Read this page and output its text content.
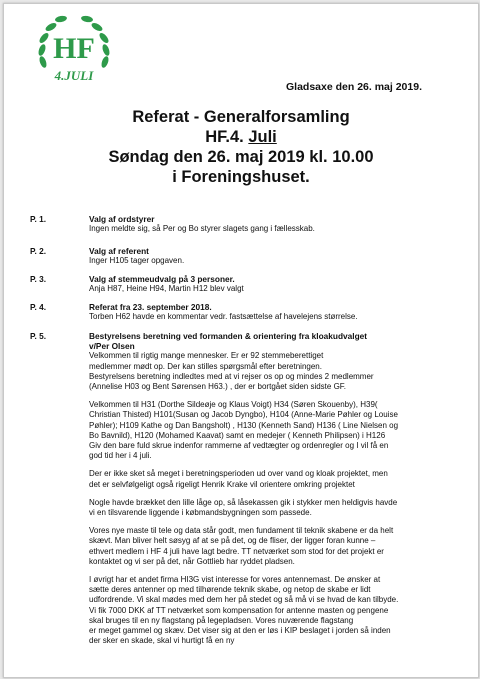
HF
4.JULI
Gladsaxe den 26. maj 2019.
Referat - Generalforsamling
HF.4. Juli
Søndag den 26. maj 2019 kl. 10.00
i Foreningshuset.
P. 1.	Valg af ordstyrer
Ingen meldte sig, så Per og Bo styrer slagets gang i fællesskab.
P. 2.	Valg af referent
Inger H105 tager opgaven.
P. 3.	Valg af stemmeudvalg på 3 personer.
Anja H87, Heine H94, Martin H12 blev valgt
P. 4.	Referat fra 23. september 2018.
Torben H62 havde en kommentar vedr. fastsættelse af havelejens størrelse.
P. 5.	Bestyrelsens beretning ved formanden & orientering fra kloakudvalget
v/Per Olsen
Velkommen til rigtig mange mennesker. Er er 92 stemmeberettiget
medlemmer mødt op. Der kan stilles spørgsmål efter beretningen.
Bestyrelsens beretning indledtes med at vi rejser os op og mindes 2 medlemmer
(Annelise H03 og Bent Sørensen H63.) , der er bortgået siden sidste GF.
Velkommen til H31 (Dorthe Sildeøje og Klaus Voigt) H34 (Søren Skouenby), H39(
Christian Thisted) H101(Susan og Jacob Dyngbo), H104 (Anne-Marie Pøhler og Louise
Pøhler); H109 Kathe og Dan Bangsholt) , H130 (Kenneth Sand) H136 ( Line Nielsen og
Bo Bavnild), H120 (Mohamed Kaavat) samt en medejer ( Kenneth Philipsen) i H126
Giv den bare fuld skrue indenfor rammerne af vedtægter og ordenregler og I vil få en
god tid her i 4 juli.
Der er ikke sket så meget i beretningsperioden ud over vand og kloak projektet, men
det er selvfølgeligt også rigeligt Henrik Krake vil orientere omkring projektet
Nogle havde brækket den lille låge op, så låsekassen gik i stykker men heldigvis havde
vi en tilsvarende liggende i købmandsbygningen som passede.
Vores nye maste til tele og data står godt, men fundament til teknik skabene er da helt
skævt. Man bliver helt søsyg af at se på det, og de fliser, der ligger foran kunne –
ethvert medlem i HF 4 juli have lagt bedre. TT netværket som stod for det projekt er
kontaktet og vi ser på det, når Gottlieb har ryddet pladsen.
I øvrigt har et andet firma HI3G vist interesse for vores antennemast. De ønsker at
sætte deres antenner op med tilhørende teknik skabe, og netop de skabe er lidt
udfordrende. Vi skal mødes med dem her på stedet og så må vi se hvad de kan tilbyde.
Vi fik 7000 DKK af TT netværket som kompensation for antenne masten og pengene
skal bruges til en ny flagstang på legepladsen. Vores nuværende flagstang
er meget gammel og skæv. Det viser sig at den er løs i KIP beslaget i jorden så inden
der sker en skade, skal vi hurtigt få en ny
